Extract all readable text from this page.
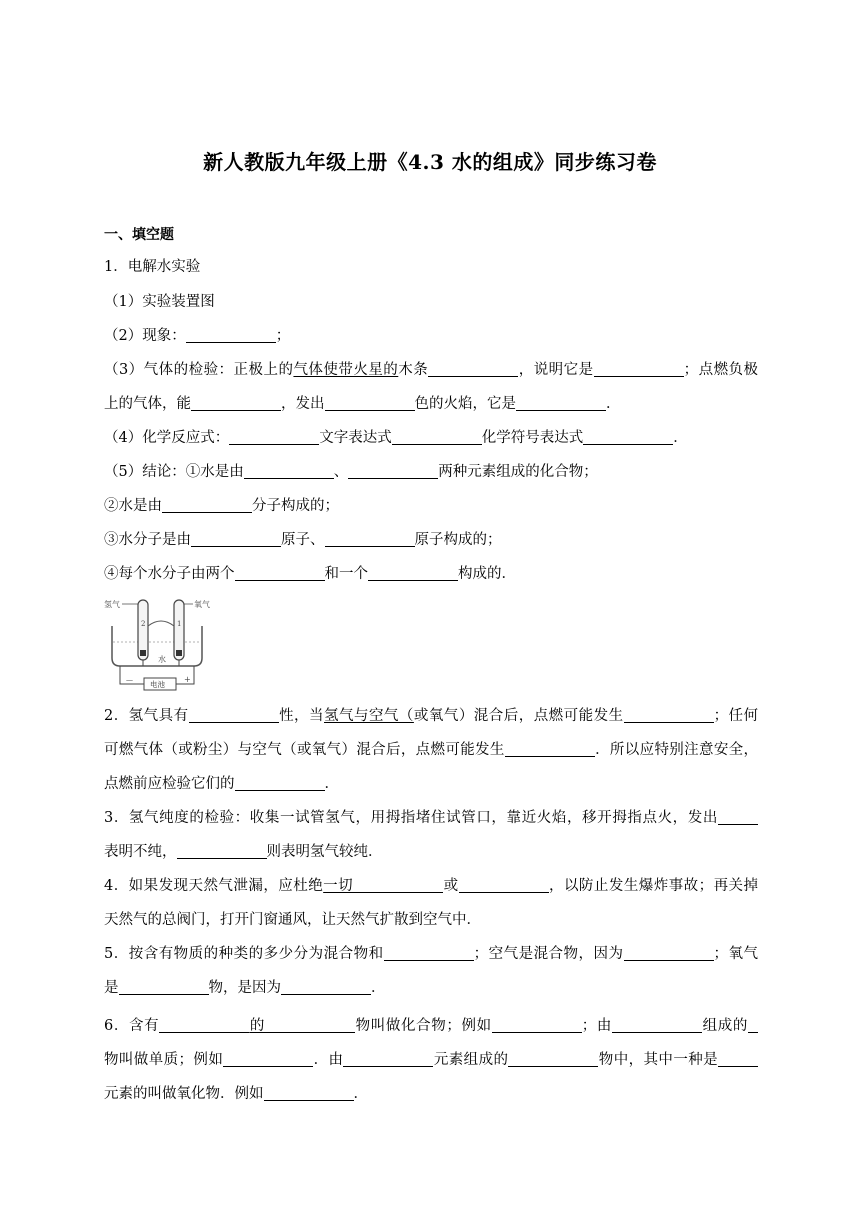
新人教版九年级上册《4.3 水的组成》同步练习卷
一、填空题
1．电解水实验
（1）实验装置图
（2）现象：	；
（3）气体的检验：正极上的气体使带火星的木条	，说明它是	；点燃负极
上的气体，能	，发出	色的火焰，它是	．
（4）化学反应式：	文字表达式	化学符号表达式	．
（5）结论：①水是由	、	两种元素组成的化合物；
②水是由	分子构成的；
③水分子是由	原子、	原子构成的；
④每个水分子由两个	和一个	构成的．
氢气	氧气
2	1
水
电池
—	+
2．氢气具有	性，当氢气与空气（或氧气）混合后，点燃可能发生	；任何
可燃气体（或粉尘）与空气（或氧气）混合后，点燃可能发生	．所以应特别注意安全，
点燃前应检验它们的	．
3．氢气纯度的检验：收集一试管氢气，用拇指堵住试管口，靠近火焰，移开拇指点火，发出
表明不纯，	则表明氢气较纯．
4．如果发现天然气泄漏，应杜绝一切	或	，以防止发生爆炸事故；再关掉
天然气的总阀门，打开门窗通风，让天然气扩散到空气中．
5．按含有物质的种类的多少分为混合物和	；空气是混合物，因为	；氧气
是	物，是因为	．
6．含有	的	物叫做化合物；例如	；由	组成的
物叫做单质；例如	．由	元素组成的	物中，其中一种是
元素的叫做氧化物．例如	．
